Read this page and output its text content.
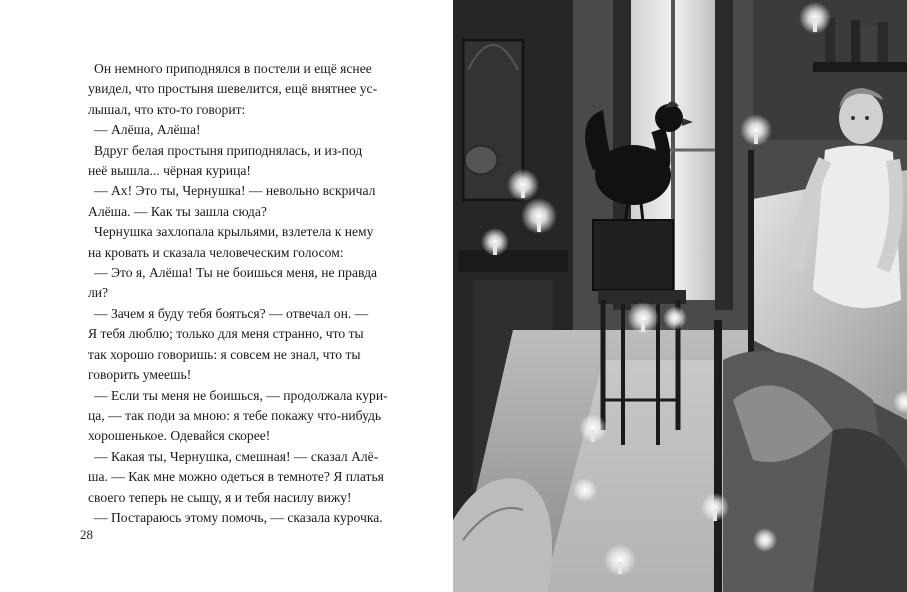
Он немного приподнялся в постели и ещё яснее
увидел, что простыня шевелится, ещё внятнее ус-
лышал, что кто-то говорит:

— Алёша, Алёша!

Вдруг белая простыня приподнялась, и из-под
неё вышла... чёрная курица!

— Ах! Это ты, Чернушка! — невольно вскричал
Алёша. — Как ты зашла сюда?

Чернушка захлопала крыльями, взлетела к нему
на кровать и сказала человеческим голосом:

— Это я, Алёша! Ты не боишься меня, не правда
ли?

— Зачем я буду тебя бояться? — отвечал он. —
Я тебя люблю; только для меня странно, что ты
так хорошо говоришь: я совсем не знал, что ты
говорить умеешь!

— Если ты меня не боишься, — продолжала кури-
ца, — так поди за мною: я тебе покажу что-нибудь
хорошенькое. Одевайся скорее!

— Какая ты, Чернушка, смешная! — сказал Алё-
ша. — Как мне можно одеться в темноте? Я платья
своего теперь не сыщу, я и тебя насилу вижу!

— Постараюсь этому помочь, — сказала курочка.

28
